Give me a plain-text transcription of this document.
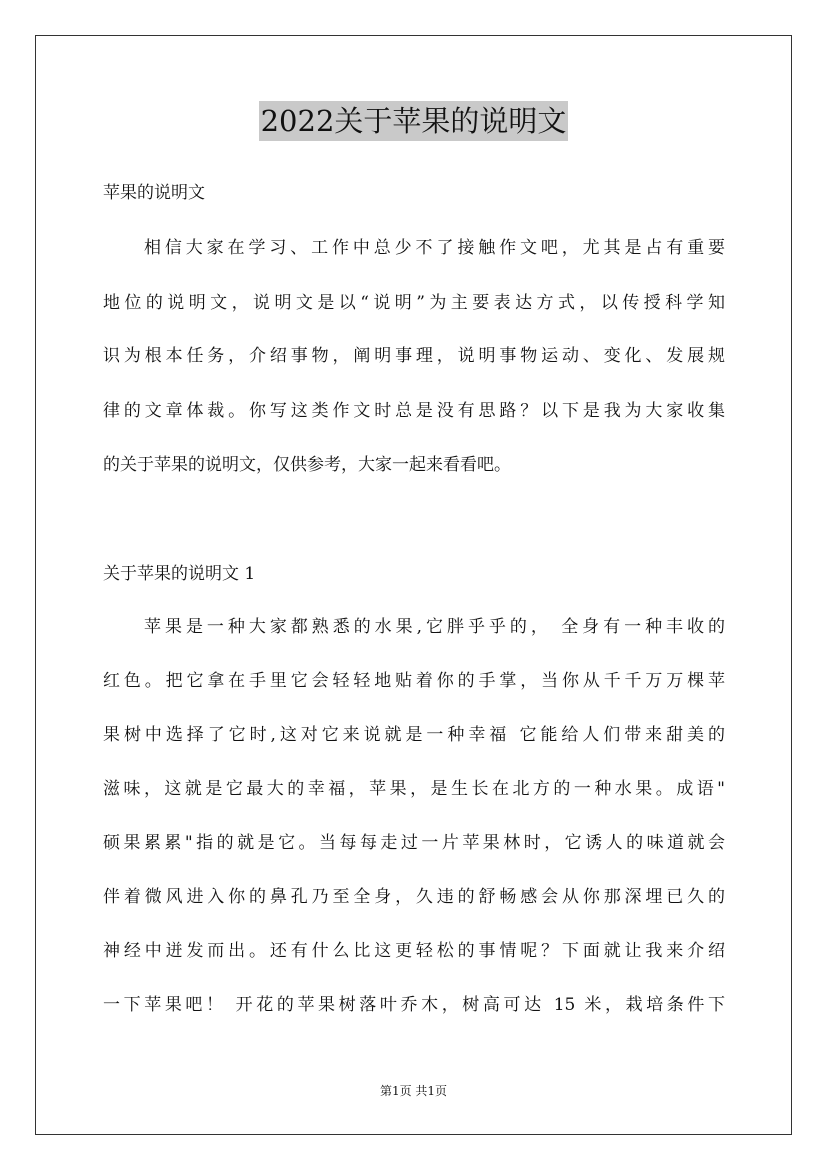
2022关于苹果的说明文
苹果的说明文
相信大家在学习、工作中总少不了接触作文吧，尤其是占有重要
地位的说明文，说明文是以“说明”为主要表达方式，以传授科学知
识为根本任务，介绍事物，阐明事理，说明事物运动、变化、发展规
律的文章体裁。你写这类作文时总是没有思路？以下是我为大家收集
的关于苹果的说明文，仅供参考，大家一起来看看吧。
关于苹果的说明文 1
苹果是一种大家都熟悉的水果,它胖乎乎的， 全身有一种丰收的
红色。把它拿在手里它会轻轻地贴着你的手掌，当你从千千万万棵苹
果树中选择了它时,这对它来说就是一种幸福 它能给人们带来甜美的
滋味，这就是它最大的幸福，苹果，是生长在北方的一种水果。成语"
硕果累累"指的就是它。当每每走过一片苹果林时，它诱人的味道就会
伴着微风进入你的鼻孔乃至全身，久违的舒畅感会从你那深埋已久的
神经中迸发而出。还有什么比这更轻松的事情呢？下面就让我来介绍
一下苹果吧！ 开花的苹果树落叶乔木，树高可达 15 米，栽培条件下
第1页 共1页
